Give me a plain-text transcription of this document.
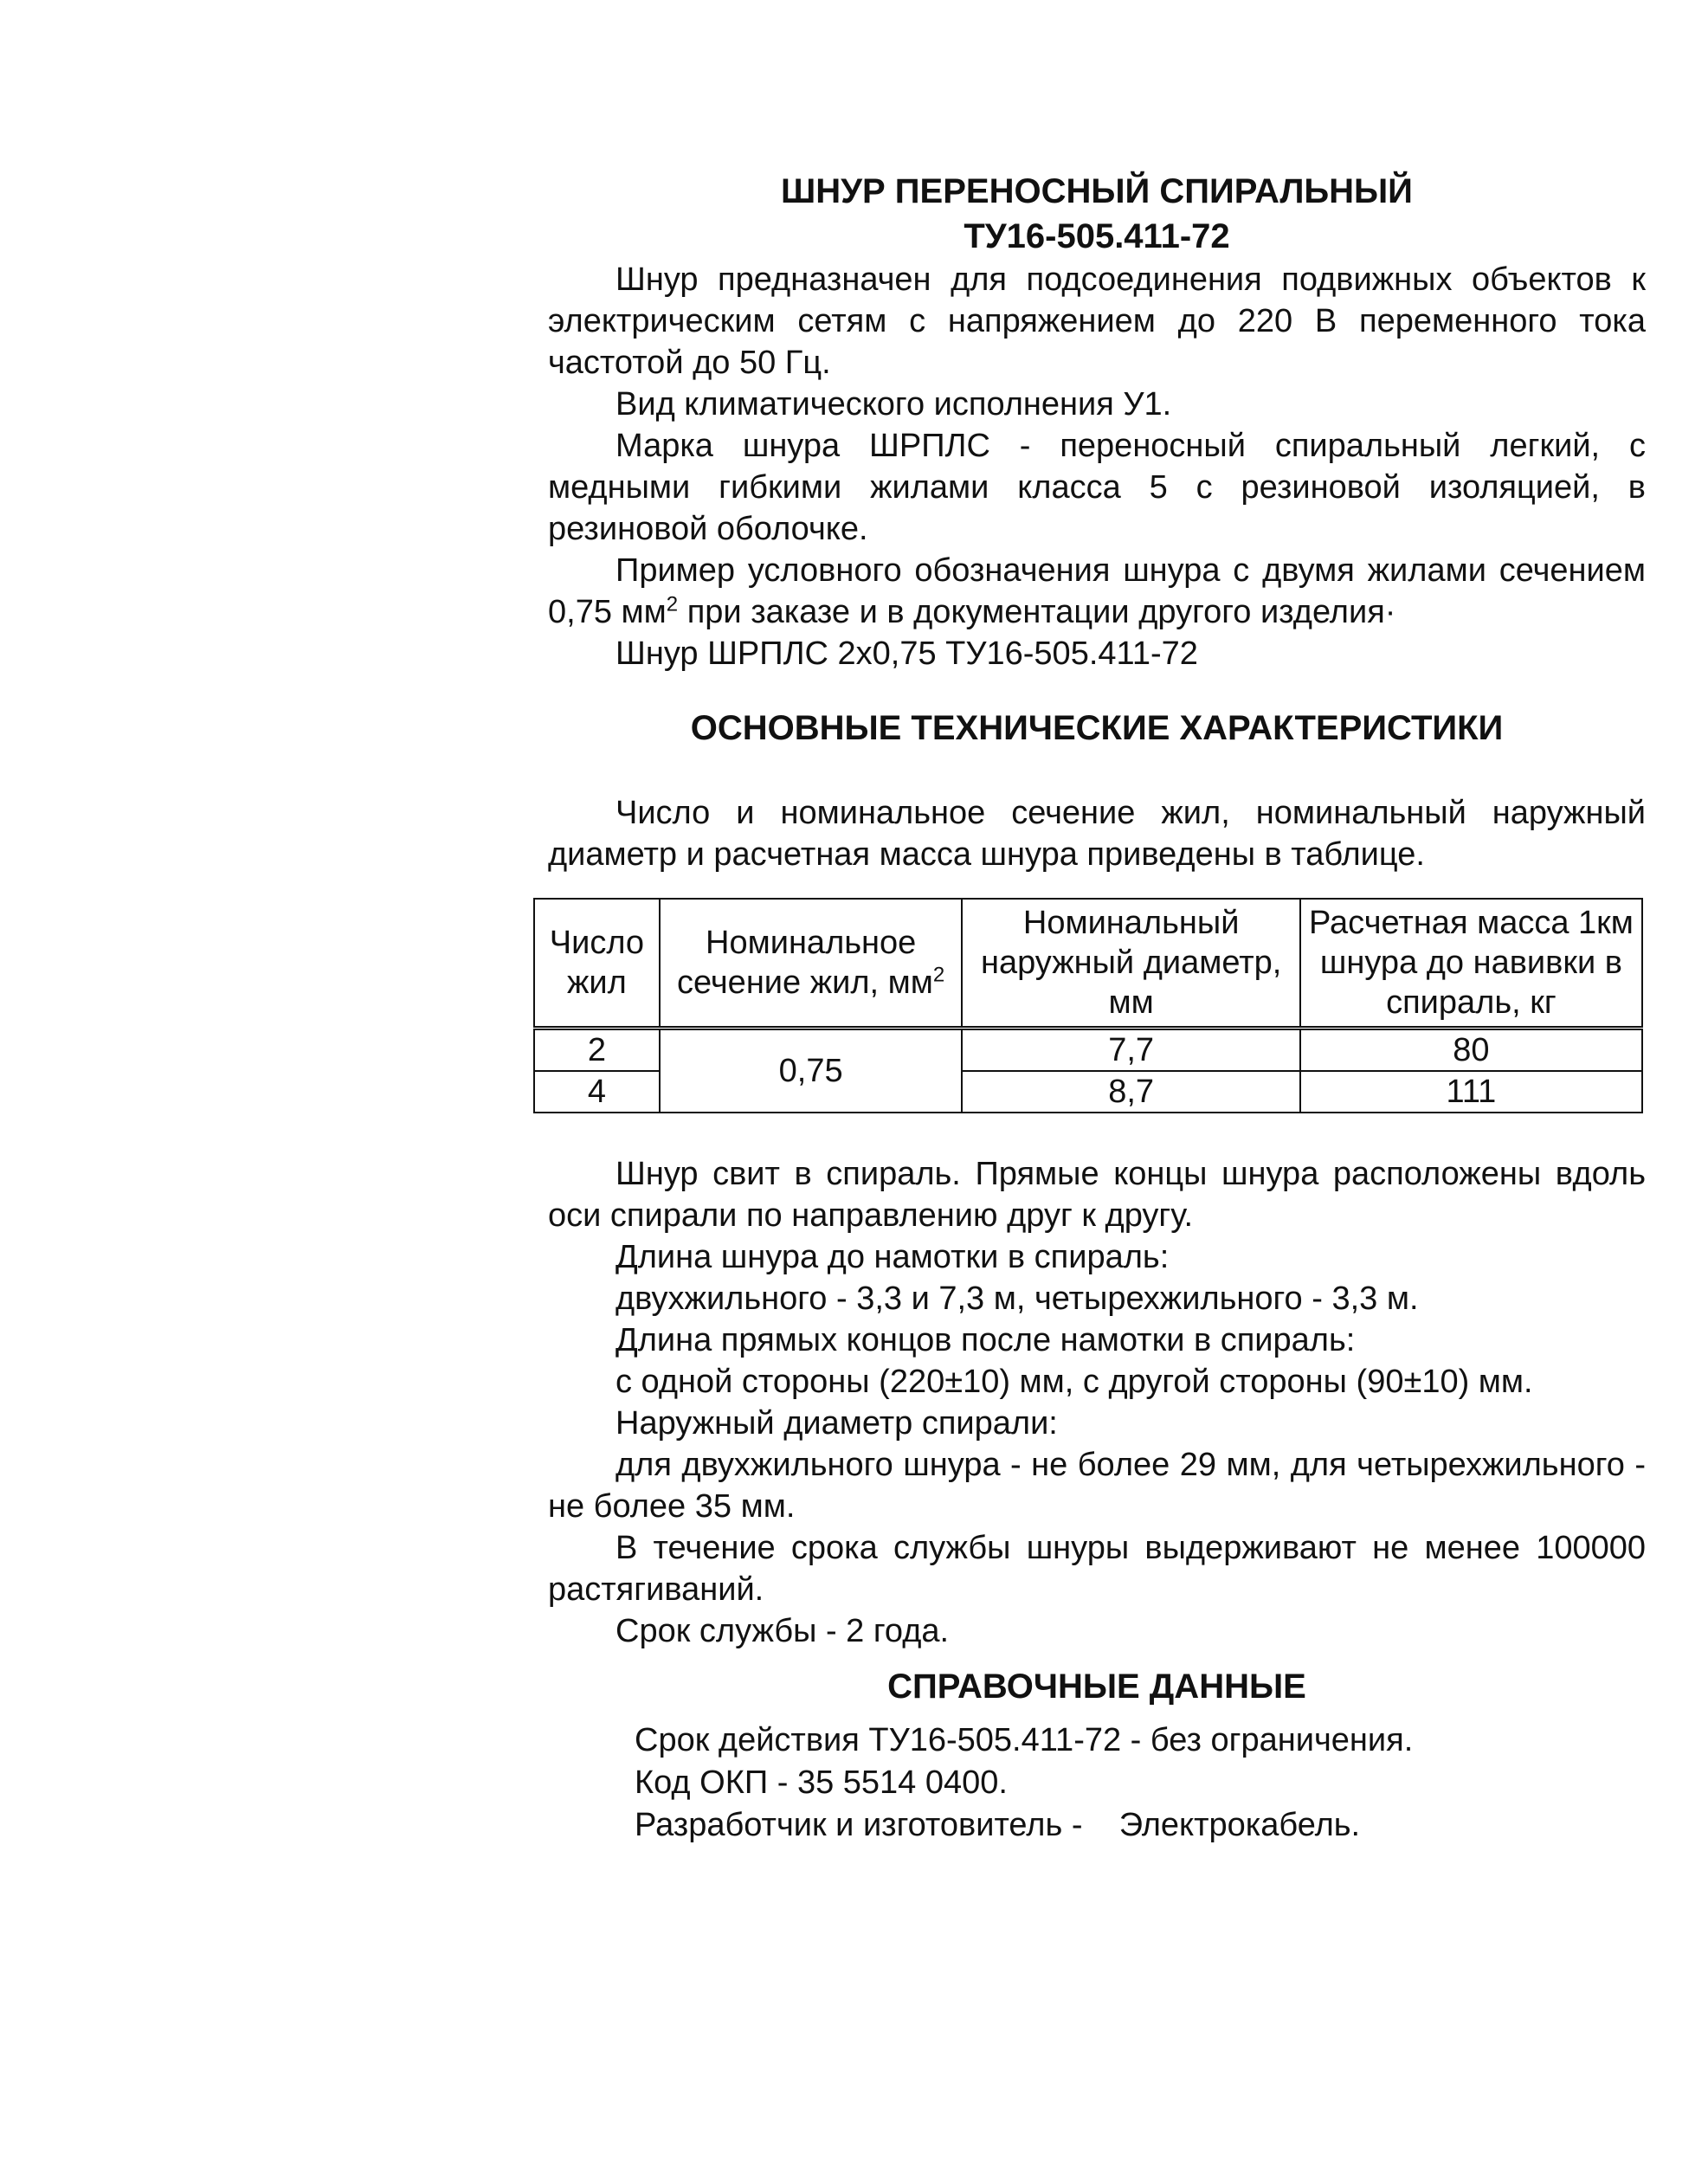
ШНУР ПЕРЕНОСНЫЙ СПИРАЛЬНЫЙ
ТУ16-505.411-72

Шнур предназначен для подсоединения подвижных объектов к электрическим сетям с напряжением до 220 В переменного тока частотой до 50 Гц.

Вид климатического исполнения У1.

Марка шнура ШРПЛС - переносный спиральный легкий, с медными гибкими жилами класса 5 с резиновой изоляцией, в резиновой оболочке.

Пример условного обозначения шнура с двумя жилами сечением 0,75 $мм^2$ при заказе и в документации другого изделия·

Шнур ШРПЛС 2х0,75 ТУ16-505.411-72

ОСНОВНЫЕ ТЕХНИЧЕСКИЕ ХАРАКТЕРИСТИКИ

Число и номинальное сечение жил, номинальный наружный диаметр и расчетная масса шнура приведены в таблице.

Число жил	Номинальное сечение жил, $мм^2$	Номинальный наружный диаметр, мм	Расчетная масса 1км шнура до навивки в спираль, кг
2	0,75	7,7	80
4		8,7	111

Шнур свит в спираль. Прямые концы шнура расположены вдоль оси спирали по направлению друг к другу.

Длина шнура до намотки в спираль:

двухжильного - 3,3 и 7,3 м, четырехжильного - 3,3 м.

Длина прямых концов после намотки в спираль:

с одной стороны (220±10) мм, с другой стороны (90±10) мм.

Наружный диаметр спирали:

для двухжильного шнура - не более 29 мм, для четырехжильного - не более 35 мм.

В течение срока службы шнуры выдерживают не менее 100000 растягиваний.

Срок службы - 2 года.

СПРАВОЧНЫЕ ДАННЫЕ

Срок действия ТУ16-505.411-72 - без ограничения.

Код ОКП - 35 5514 0400.

Разработчик и изготовитель -    Электрокабель.
